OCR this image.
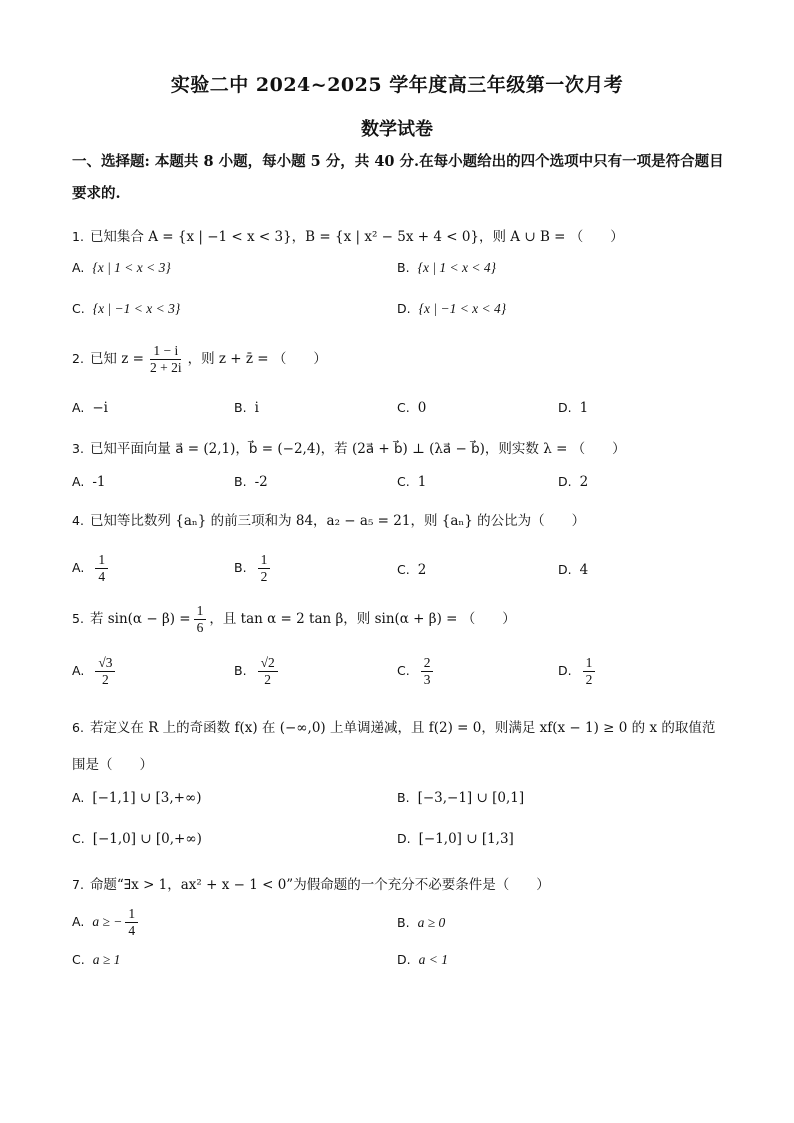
实验二中 2024~2025 学年度高三年级第一次月考
数学试卷
一、选择题: 本题共 8 小题，每小题 5 分，共 40 分.在每小题给出的四个选项中只有一项是符合题目要求的.
1. 已知集合 A = {x | −1 < x < 3}，B = {x | x² − 5x + 4 < 0}，则 A ∪ B = （　　）
A. {x | 1 < x < 3}	B. {x | 1 < x < 4}
C. {x | −1 < x < 3}	D. {x | −1 < x < 4}
2. 已知 $z = \frac{1 - i}{2 + 2i}$ ，则 z + z̄ = （　　）
A. −i	B. i	C. 0	D. 1
3. 已知平面向量 a⃗ = (2,1)，b⃗ = (−2,4)，若 (2a⃗ + b⃗) ⊥ (λa⃗ − b⃗)，则实数 λ = （　　）
A. -1	B. -2	C. 1	D. 2
4. 已知等比数列 {aₙ} 的前三项和为 84，a₂ − a₅ = 21，则 {aₙ} 的公比为（　　）
A. $\frac{1}{4}$	B. $\frac{1}{2}$	C. 2	D. 4
5. 若 $\sin(\alpha - \beta) = \frac{1}{6}$ ，且 tan α = 2 tan β，则 sin(α + β) = （　　）
A. $\frac{√3}{2}$	B. $\frac{√2}{2}$	C. $\frac{2}{3}$	D. $\frac{1}{2}$
6. 若定义在 R 上的奇函数 f(x) 在 (−∞,0) 上单调递减，且 f(2) = 0，则满足 xf(x − 1) ≥ 0 的 x 的取值范
围是（　　）
A. [−1,1] ∪ [3,+∞)	B. [−3,−1] ∪ [0,1]
C. [−1,0] ∪ [0,+∞)	D. [−1,0] ∪ [1,3]
7. 命题“∃x > 1，ax² + x − 1 < 0”为假命题的一个充分不必要条件是（　　）
A. a ≥ − $\frac{1}{4}$	B. a ≥ 0
C. a ≥ 1	D. a < 1
